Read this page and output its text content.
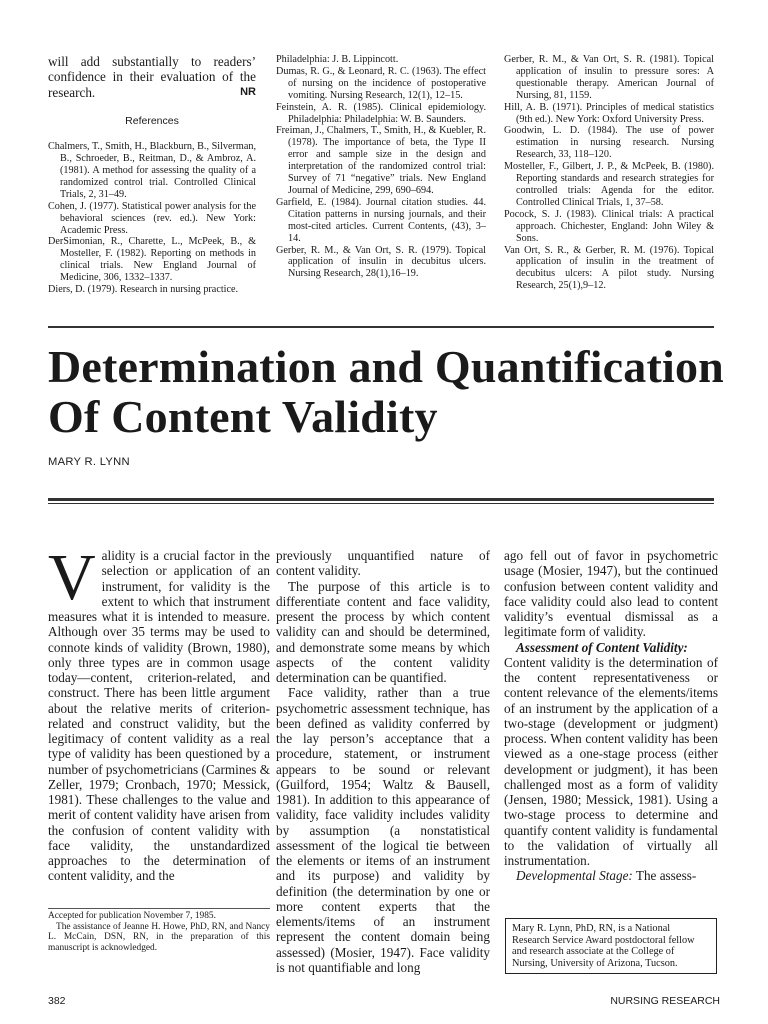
will add substantially to readers’ confidence in their evaluation of the research.	NR
References

Chalmers, T., Smith, H., Blackburn, B., Silverman, B., Schroeder, B., Reitman, D., & Ambroz, A. (1981). A method for assessing the quality of a randomized control trial. Controlled Clinical Trials, 2, 31–49.

Cohen, J. (1977). Statistical power analysis for the behavioral sciences (rev. ed.). New York: Academic Press.

DerSimonian, R., Charette, L., McPeek, B., & Mosteller, F. (1982). Reporting on methods in clinical trials. New England Journal of Medicine, 306, 1332–1337.

Diers, D. (1979). Research in nursing practice.

Philadelphia: J. B. Lippincott.

Dumas, R. G., & Leonard, R. C. (1963). The effect of nursing on the incidence of postoperative vomiting. Nursing Research, 12(1), 12–15.

Feinstein, A. R. (1985). Clinical epidemiology. Philadelphia: Philadelphia: W. B. Saunders.

Freiman, J., Chalmers, T., Smith, H., & Kuebler, R. (1978). The importance of beta, the Type II error and sample size in the design and interpretation of the randomized control trial: Survey of 71 “negative” trials. New England Journal of Medicine, 299, 690–694.

Garfield, E. (1984). Journal citation studies. 44. Citation patterns in nursing journals, and their most-cited articles. Current Contents, (43), 3–14.

Gerber, R. M., & Van Ort, S. R. (1979). Topical application of insulin in decubitus ulcers. Nursing Research, 28(1),16–19.

Gerber, R. M., & Van Ort, S. R. (1981). Topical application of insulin to pressure sores: A questionable therapy. American Journal of Nursing, 81, 1159.

Hill, A. B. (1971). Principles of medical statistics (9th ed.). New York: Oxford University Press.

Goodwin, L. D. (1984). The use of power estimation in nursing research. Nursing Research, 33, 118–120.

Mosteller, F., Gilbert, J. P., & McPeek, B. (1980). Reporting standards and research strategies for controlled trials: Agenda for the editor. Controlled Clinical Trials, 1, 37–58.

Pocock, S. J. (1983). Clinical trials: A practical approach. Chichester, England: John Wiley & Sons.

Van Ort, S. R., & Gerber, R. M. (1976). Topical application of insulin in the treatment of decubitus ulcers: A pilot study. Nursing Research, 25(1),9–12.

Determination and Quantification
Of Content Validity
MARY R. LYNN

Validity is a crucial factor in the selection or application of an instrument, for validity is the extent to which that instrument measures what it is intended to measure. Although over 35 terms may be used to connote kinds of validity (Brown, 1980), only three types are in common usage today—content, criterion-related, and construct. There has been little argument about the relative merits of criterion-related and construct validity, but the legitimacy of content validity as a real type of validity has been questioned by a number of psychometricians (Carmines & Zeller, 1979; Cronbach, 1970; Messick, 1981). These challenges to the value and merit of content validity have arisen from the confusion of content validity with face validity, the unstandardized approaches to the determination of content validity, and the

Accepted for publication November 7, 1985.
The assistance of Jeanne H. Howe, PhD, RN, and Nancy L. McCain, DSN, RN, in the preparation of this manuscript is acknowledged.

previously unquantified nature of content validity.

The purpose of this article is to differentiate content and face validity, present the process by which content validity can and should be determined, and demonstrate some means by which aspects of the content validity determination can be quantified.

Face validity, rather than a true psychometric assessment technique, has been defined as validity conferred by the lay person’s acceptance that a procedure, statement, or instrument appears to be sound or relevant (Guilford, 1954; Waltz & Bausell, 1981). In addition to this appearance of validity, face validity includes validity by assumption (a nonstatistical assessment of the logical tie between the elements or items of an instrument and its purpose) and validity by definition (the determination by one or more content experts that the elements/items of an instrument represent the content domain being assessed) (Mosier, 1947). Face validity is not quantifiable and long

ago fell out of favor in psychometric usage (Mosier, 1947), but the continued confusion between content validity and face validity could also lead to content validity’s eventual dismissal as a legitimate form of validity.

Assessment of Content Validity:

Content validity is the determination of the content representativeness or content relevance of the elements/items of an instrument by the application of a two-stage (development or judgment) process. When content validity has been viewed as a one-stage process (either development or judgment), it has been challenged most as a form of validity (Jensen, 1980; Messick, 1981). Using a two-stage process to determine and quantify content validity is fundamental to the validation of virtually all instrumentation.

Developmental Stage: The assess-

Mary R. Lynn, PhD, RN, is a National Research Service Award postdoctoral fellow and research associate at the College of Nursing, University of Arizona, Tucson.
382	NURSING RESEARCH
